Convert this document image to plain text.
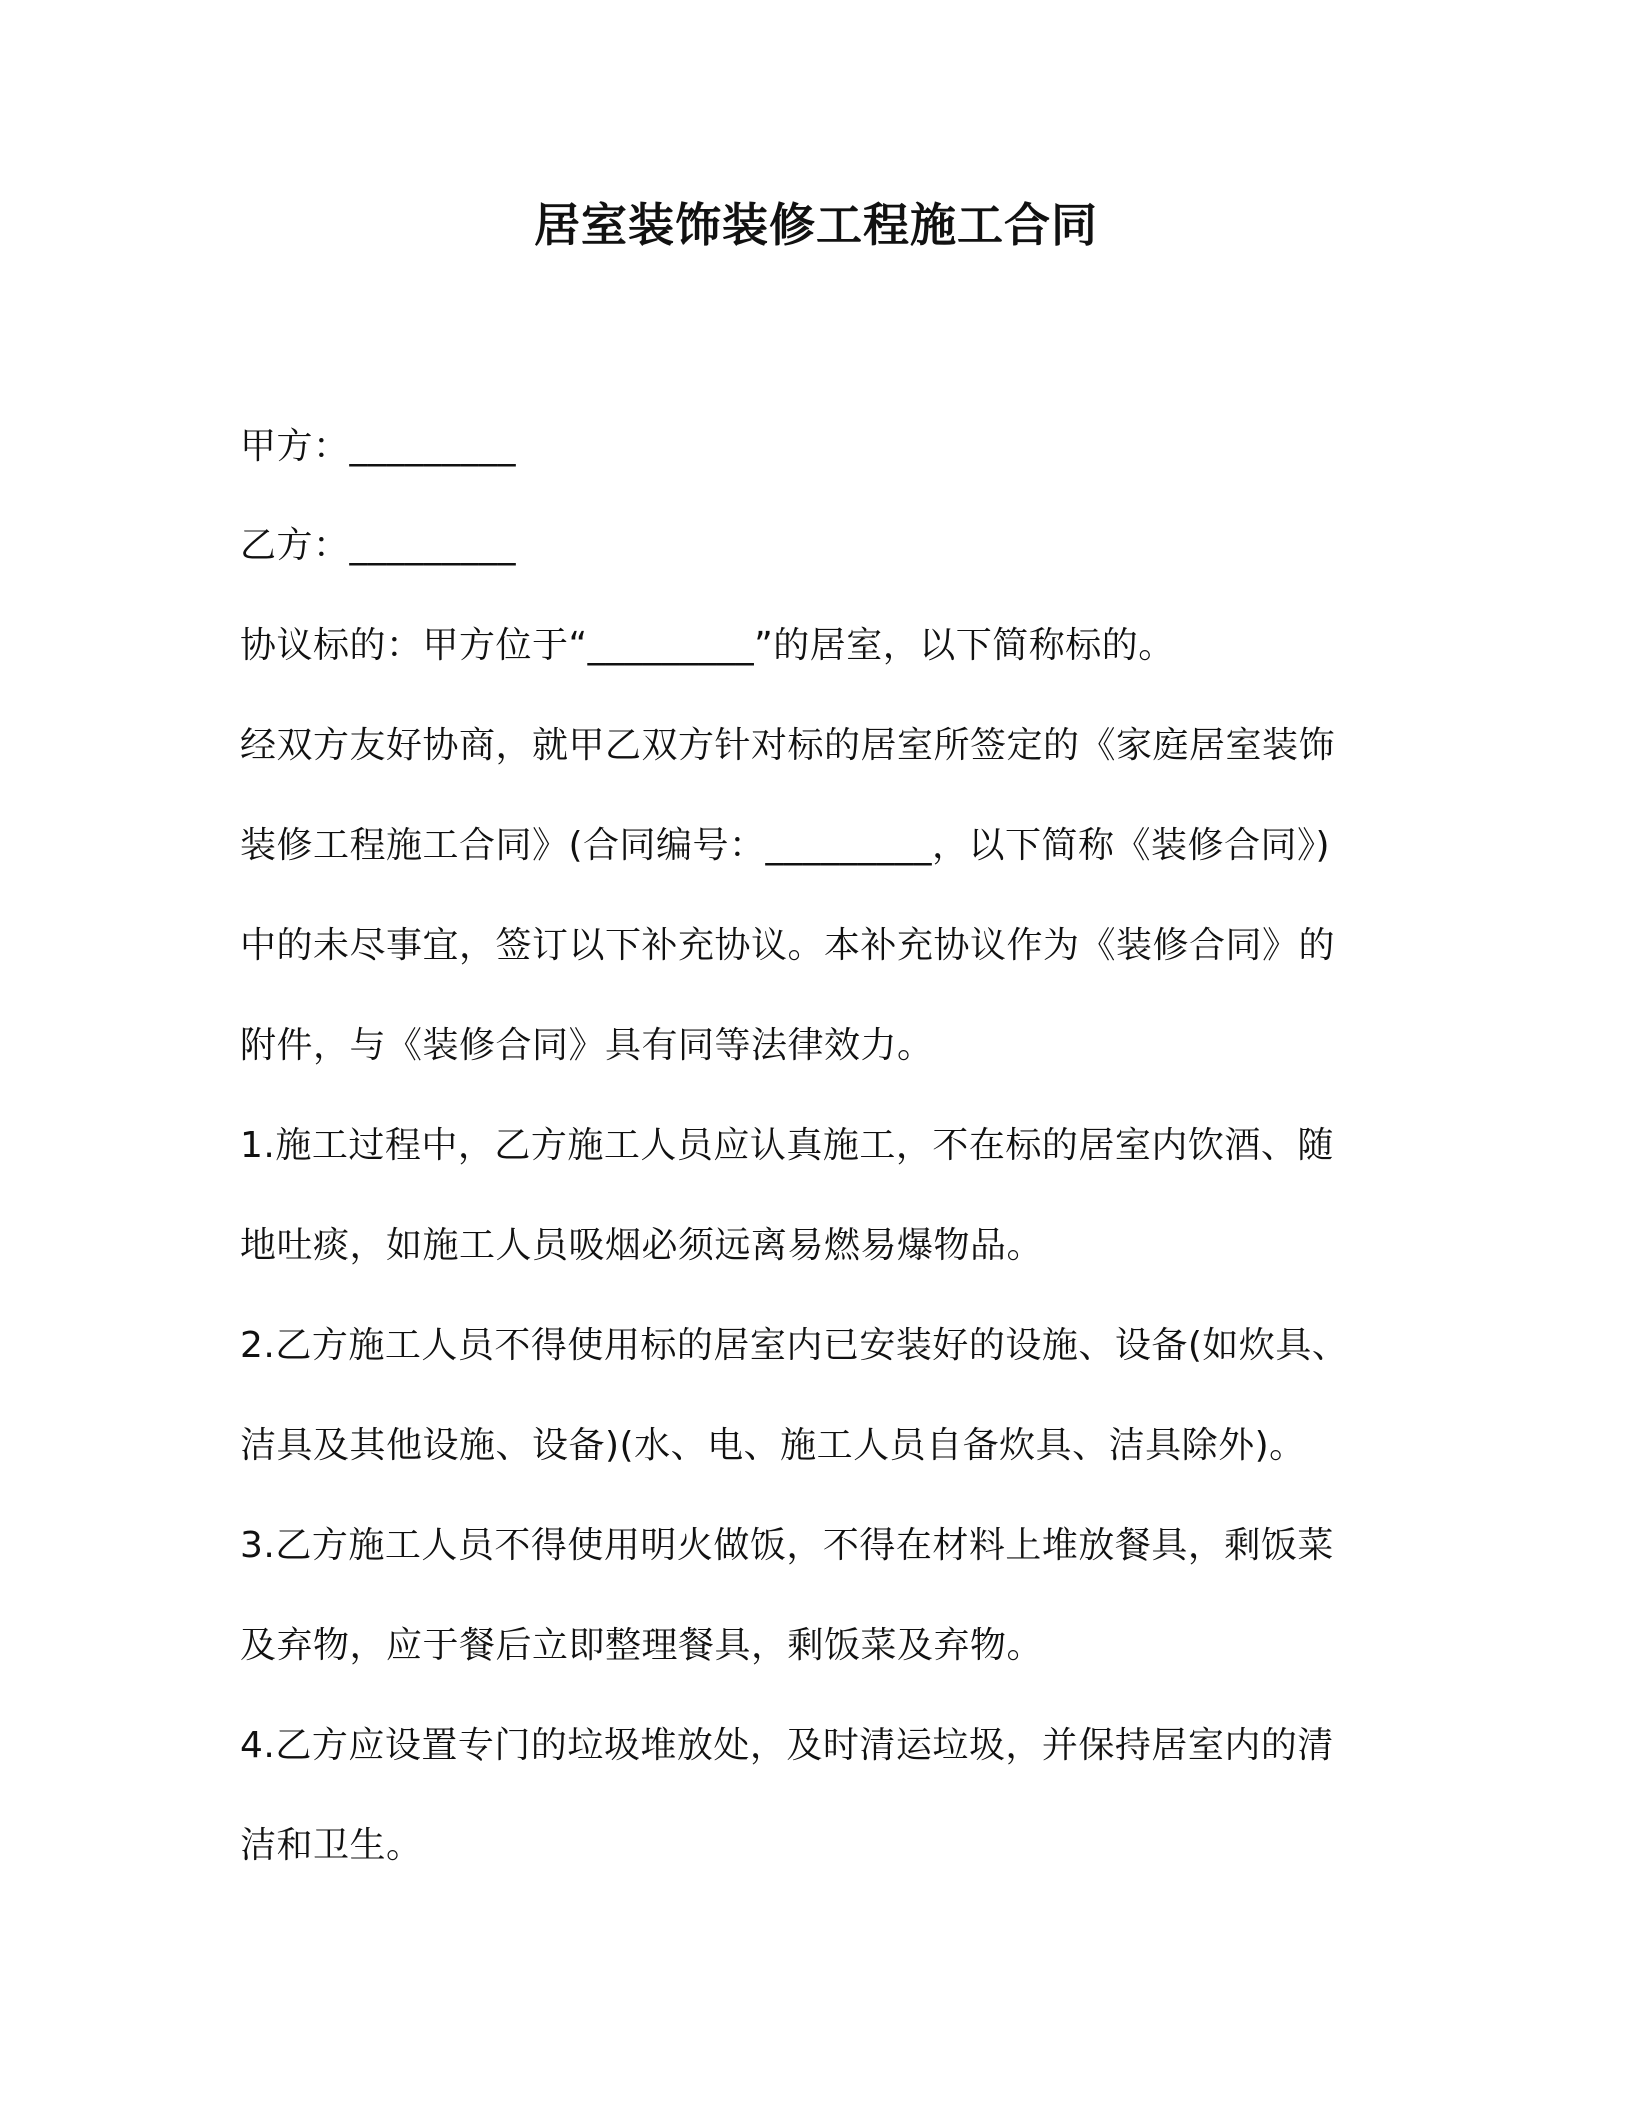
居室装饰装修工程施工合同
甲方：_________
乙方：_________
协议标的：甲方位于“_________”的居室，以下简称标的。
经双方友好协商，就甲乙双方针对标的居室所签定的《家庭居室装饰
装修工程施工合同》(合同编号：_________，以下简称《装修合同》)
中的未尽事宜，签订以下补充协议。本补充协议作为《装修合同》的
附件，与《装修合同》具有同等法律效力。
1.施工过程中，乙方施工人员应认真施工，不在标的居室内饮酒、随
地吐痰，如施工人员吸烟必须远离易燃易爆物品。
2.乙方施工人员不得使用标的居室内已安装好的设施、设备(如炊具、
洁具及其他设施、设备)(水、电、施工人员自备炊具、洁具除外)。
3.乙方施工人员不得使用明火做饭，不得在材料上堆放餐具，剩饭菜
及弃物，应于餐后立即整理餐具，剩饭菜及弃物。
4.乙方应设置专门的垃圾堆放处，及时清运垃圾，并保持居室内的清
洁和卫生。
